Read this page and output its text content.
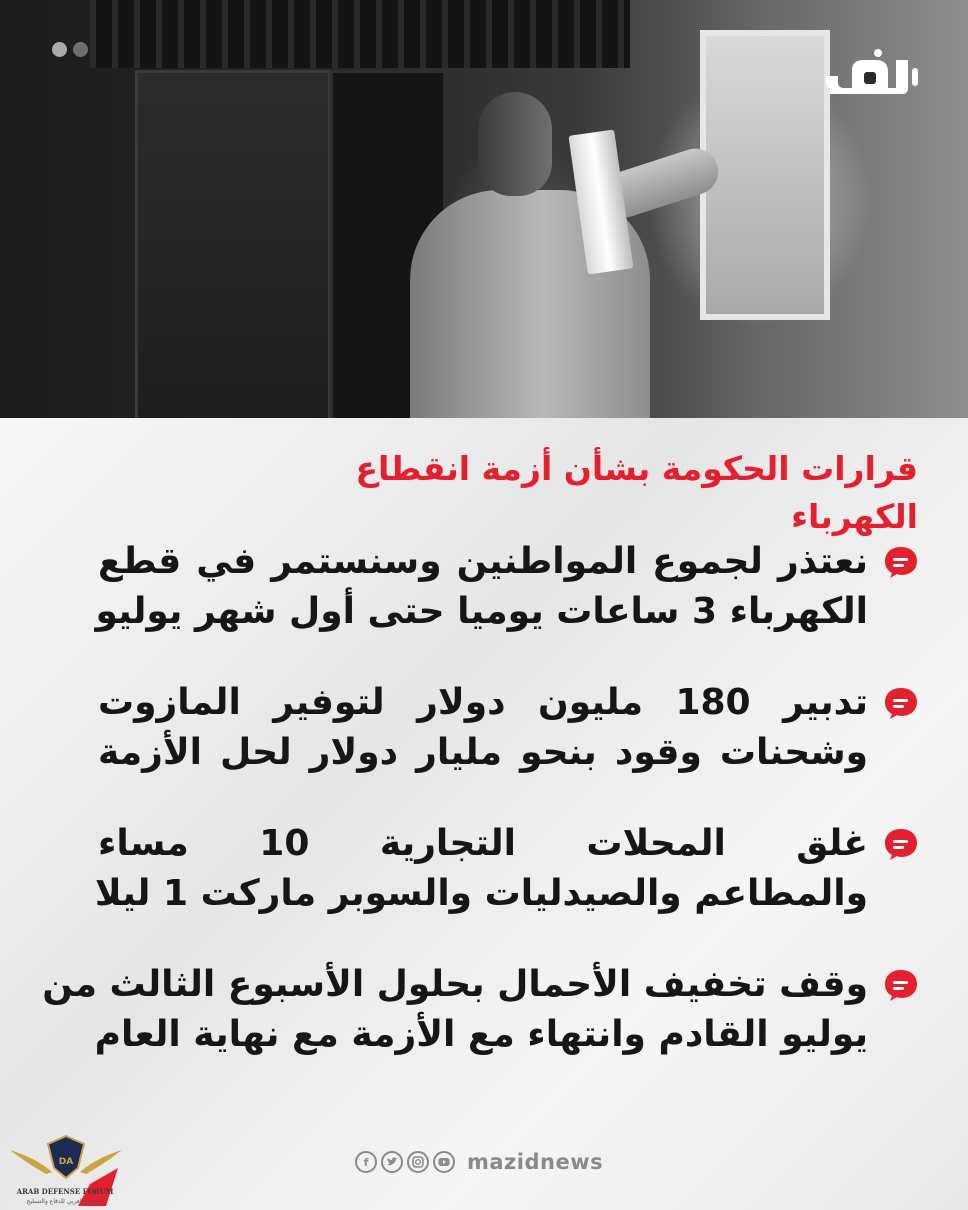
قرارات الحكومة بشأن أزمة انقطاع الكهرباء
نعتذر لجموع المواطنين وسنستمر في قطع
الكهرباء 3 ساعات يوميا حتى أول شهر يوليو
تدبير 180 مليون دولار لتوفير المازوت
وشحنات وقود بنحو مليار دولار لحل الأزمة
غلق المحلات التجارية 10 مساء
والمطاعم والصيدليات والسوبر ماركت 1 ليلا
وقف تخفيف الأحمال بحلول الأسبوع الثالث من
يوليو القادم وانتهاء مع الأزمة مع نهاية العام
f	mazidnews
DA
ARAB DEFENSE FORUM
المنتدى العربي للدفاع والتسليح
